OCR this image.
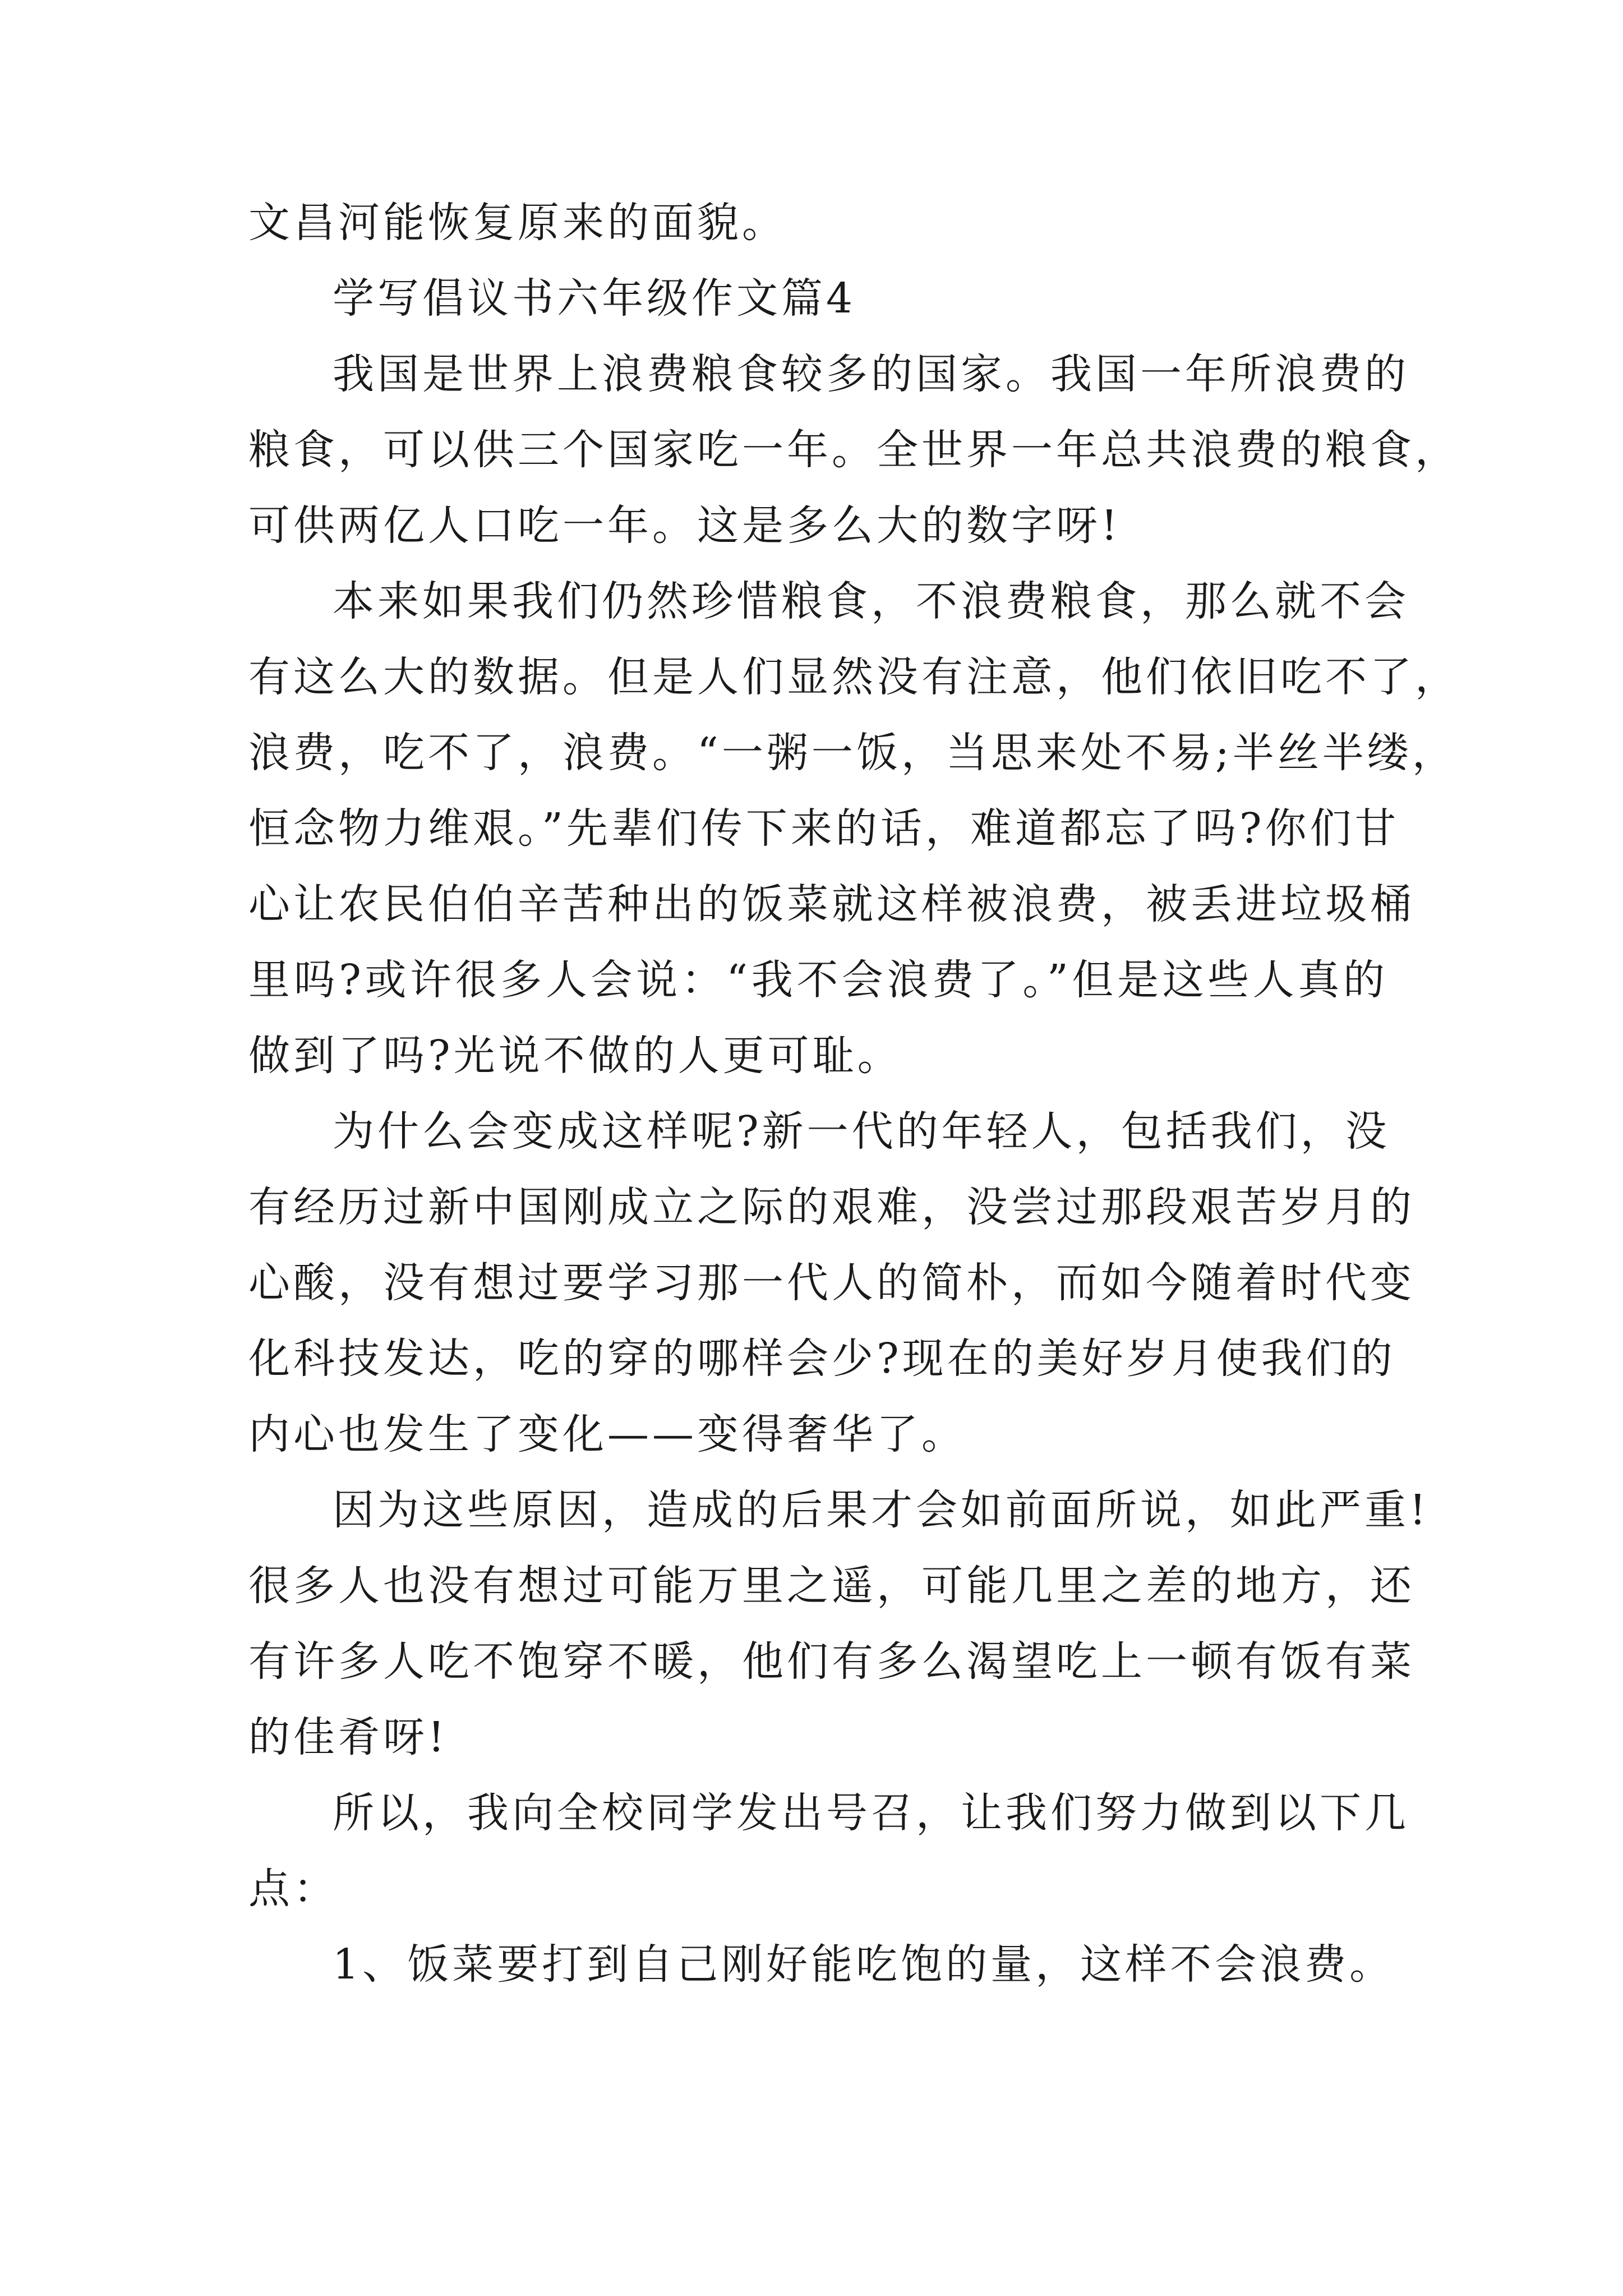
文昌河能恢复原来的面貌。
学写倡议书六年级作文篇4
我国是世界上浪费粮食较多的国家。我国一年所浪费的
粮食，可以供三个国家吃一年。全世界一年总共浪费的粮食，
可供两亿人口吃一年。这是多么大的数字呀!
本来如果我们仍然珍惜粮食，不浪费粮食，那么就不会
有这么大的数据。但是人们显然没有注意，他们依旧吃不了，
浪费，吃不了，浪费。“一粥一饭，当思来处不易;半丝半缕，
恒念物力维艰。”先辈们传下来的话，难道都忘了吗?你们甘
心让农民伯伯辛苦种出的饭菜就这样被浪费，被丢进垃圾桶
里吗?或许很多人会说：“我不会浪费了。”但是这些人真的
做到了吗?光说不做的人更可耻。
为什么会变成这样呢?新一代的年轻人，包括我们，没
有经历过新中国刚成立之际的艰难，没尝过那段艰苦岁月的
心酸，没有想过要学习那一代人的简朴，而如今随着时代变
化科技发达，吃的穿的哪样会少?现在的美好岁月使我们的
内心也发生了变化——变得奢华了。
因为这些原因，造成的后果才会如前面所说，如此严重!
很多人也没有想过可能万里之遥，可能几里之差的地方，还
有许多人吃不饱穿不暖，他们有多么渴望吃上一顿有饭有菜
的佳肴呀!
所以，我向全校同学发出号召，让我们努力做到以下几
点：
1、饭菜要打到自己刚好能吃饱的量，这样不会浪费。
